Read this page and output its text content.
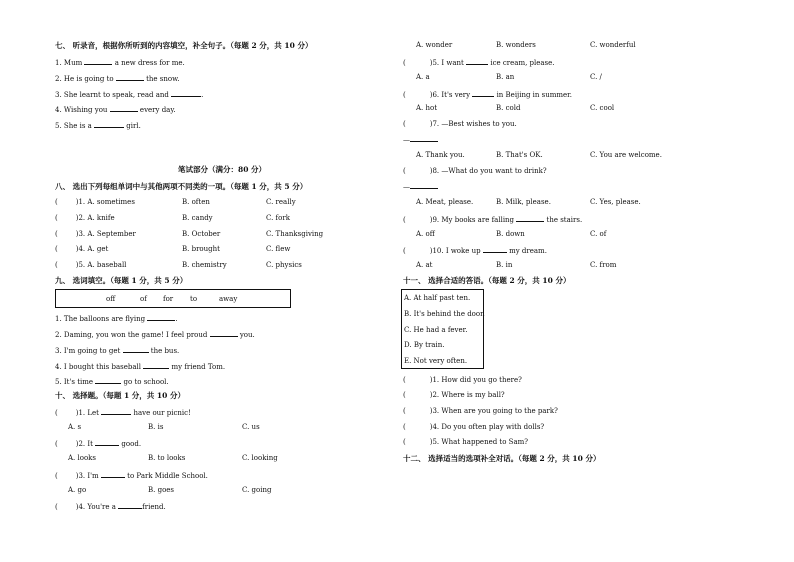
七、 听录音，根据你所听到的内容填空，补全句子。（每题 2 分，共 10 分）
1. Mum	a new dress for me.
2. He is going to	the snow.
3. She learnt to speak, read and	.
4. Wishing you	every day.
5. She is a	girl.
笔试部分（满分：80 分）
八、 选出下列每组单词中与其他两项不同类的一项。（每题 1 分，共 5 分）
(	)1. A. sometimes	B. often	C. really
(	)2. A. knife	B. candy	C. fork
(	)3. A. September	B. October	C. Thanksgiving
(	)4. A. get	B. brought	C. flew
(	)5. A. baseball	B. chemistry	C. physics
九、 选词填空。（每题 1 分，共 5 分）
off	of for to	away
1. The balloons are flying	.
2. Daming, you won the game! I feel proud	you.
3. I'm going to get	the bus.
4. I bought this baseball	my friend Tom.
5. It's time	go to school.
十、 选择题。（每题 1 分，共 10 分）
(	)1. Let	have our picnic!
A. s	B. is	C. us
(	)2. It	good.
A. looks	B. to looks	C. looking
(	)3. I'm	to Park Middle School.
A. go	B. goes	C. going
(	)4. You're a	friend.
A. wonder	B. wonders	C. wonderful
(	)5. I want	ice cream, please.
A. a	B. an	C. /
(	)6. It's very	in Beijing in summer.
A. hot	B. cold	C. cool
(	)7. —Best wishes to you.
—
A. Thank you.	B. That's OK.	C. You are welcome.
(	)8. —What do you want to drink?
—
A. Meat, please.	B. Milk, please.	C. Yes, please.
(	)9. My books are falling	the stairs.
A. off	B. down	C. of
(	)10. I woke up	my dream.
A. at	B. in	C. from
十一、 选择合适的答语。（每题 2 分，共 10 分）
A. At half past ten.
B. It's behind the door.
C. He had a fever.
D. By train.
E. Not very often.
(	)1. How did you go there?
(	)2. Where is my ball?
(	)3. When are you going to the park?
(	)4. Do you often play with dolls?
(	)5. What happened to Sam?
十二、 选择适当的选项补全对话。（每题 2 分，共 10 分）
